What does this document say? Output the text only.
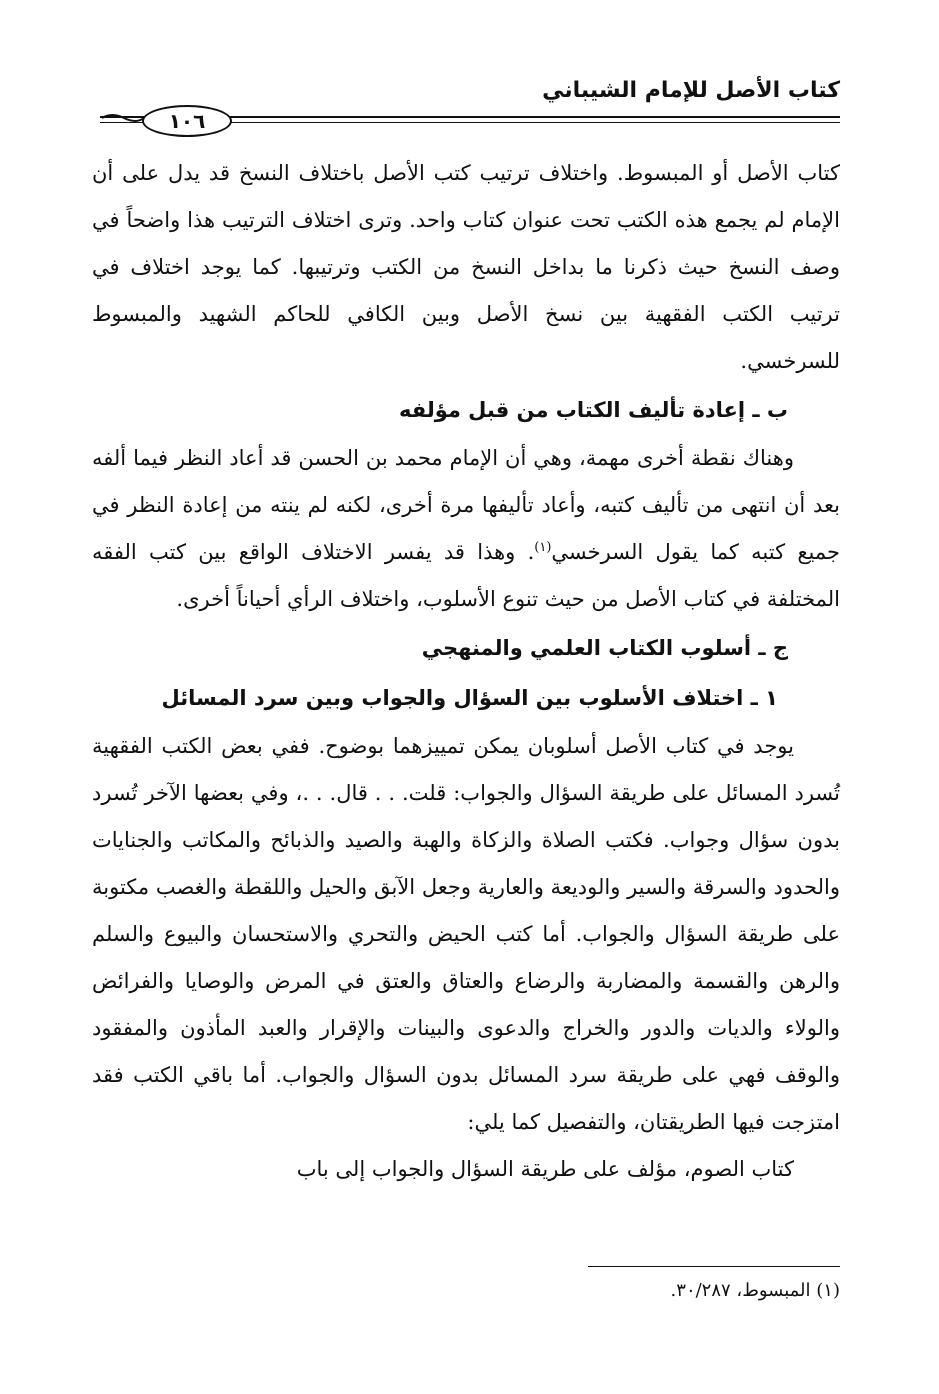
كتاب الأصل للإمام الشيباني
١٠٦

كتاب الأصل أو المبسوط. واختلاف ترتيب كتب الأصل باختلاف النسخ قد يدل على أن الإمام لم يجمع هذه الكتب تحت عنوان كتاب واحد. وترى اختلاف الترتيب هذا واضحاً في وصف النسخ حيث ذكرنا ما بداخل النسخ من الكتب وترتيبها. كما يوجد اختلاف في ترتيب الكتب الفقهية بين نسخ الأصل وبين الكافي للحاكم الشهيد والمبسوط للسرخسي.

ب ـ إعادة تأليف الكتاب من قبل مؤلفه

وهناك نقطة أخرى مهمة، وهي أن الإمام محمد بن الحسن قد أعاد النظر فيما ألفه بعد أن انتهى من تأليف كتبه، وأعاد تأليفها مرة أخرى، لكنه لم ينته من إعادة النظر في جميع كتبه كما يقول السرخسي$^{(١)}$. وهذا قد يفسر الاختلاف الواقع بين كتب الفقه المختلفة في كتاب الأصل من حيث تنوع الأسلوب، واختلاف الرأي أحياناً أخرى.

ج ـ أسلوب الكتاب العلمي والمنهجي

١ ـ اختلاف الأسلوب بين السؤال والجواب وبين سرد المسائل

يوجد في كتاب الأصل أسلوبان يمكن تمييزهما بوضوح. ففي بعض الكتب الفقهية تُسرد المسائل على طريقة السؤال والجواب: قلت. . . قال. . .، وفي بعضها الآخر تُسرد بدون سؤال وجواب. فكتب الصلاة والزكاة والهبة والصيد والذبائح والمكاتب والجنايات والحدود والسرقة والسير والوديعة والعارية وجعل الآبق والحيل واللقطة والغصب مكتوبة على طريقة السؤال والجواب. أما كتب الحيض والتحري والاستحسان والبيوع والسلم والرهن والقسمة والمضاربة والرضاع والعتاق والعتق في المرض والوصايا والفرائض والولاء والديات والدور والخراج والدعوى والبينات والإقرار والعبد المأذون والمفقود والوقف فهي على طريقة سرد المسائل بدون السؤال والجواب. أما باقي الكتب فقد امتزجت فيها الطريقتان، والتفصيل كما يلي:

كتاب الصوم، مؤلف على طريقة السؤال والجواب إلى باب

(١) المبسوط، ٣٠/٢٨٧.
